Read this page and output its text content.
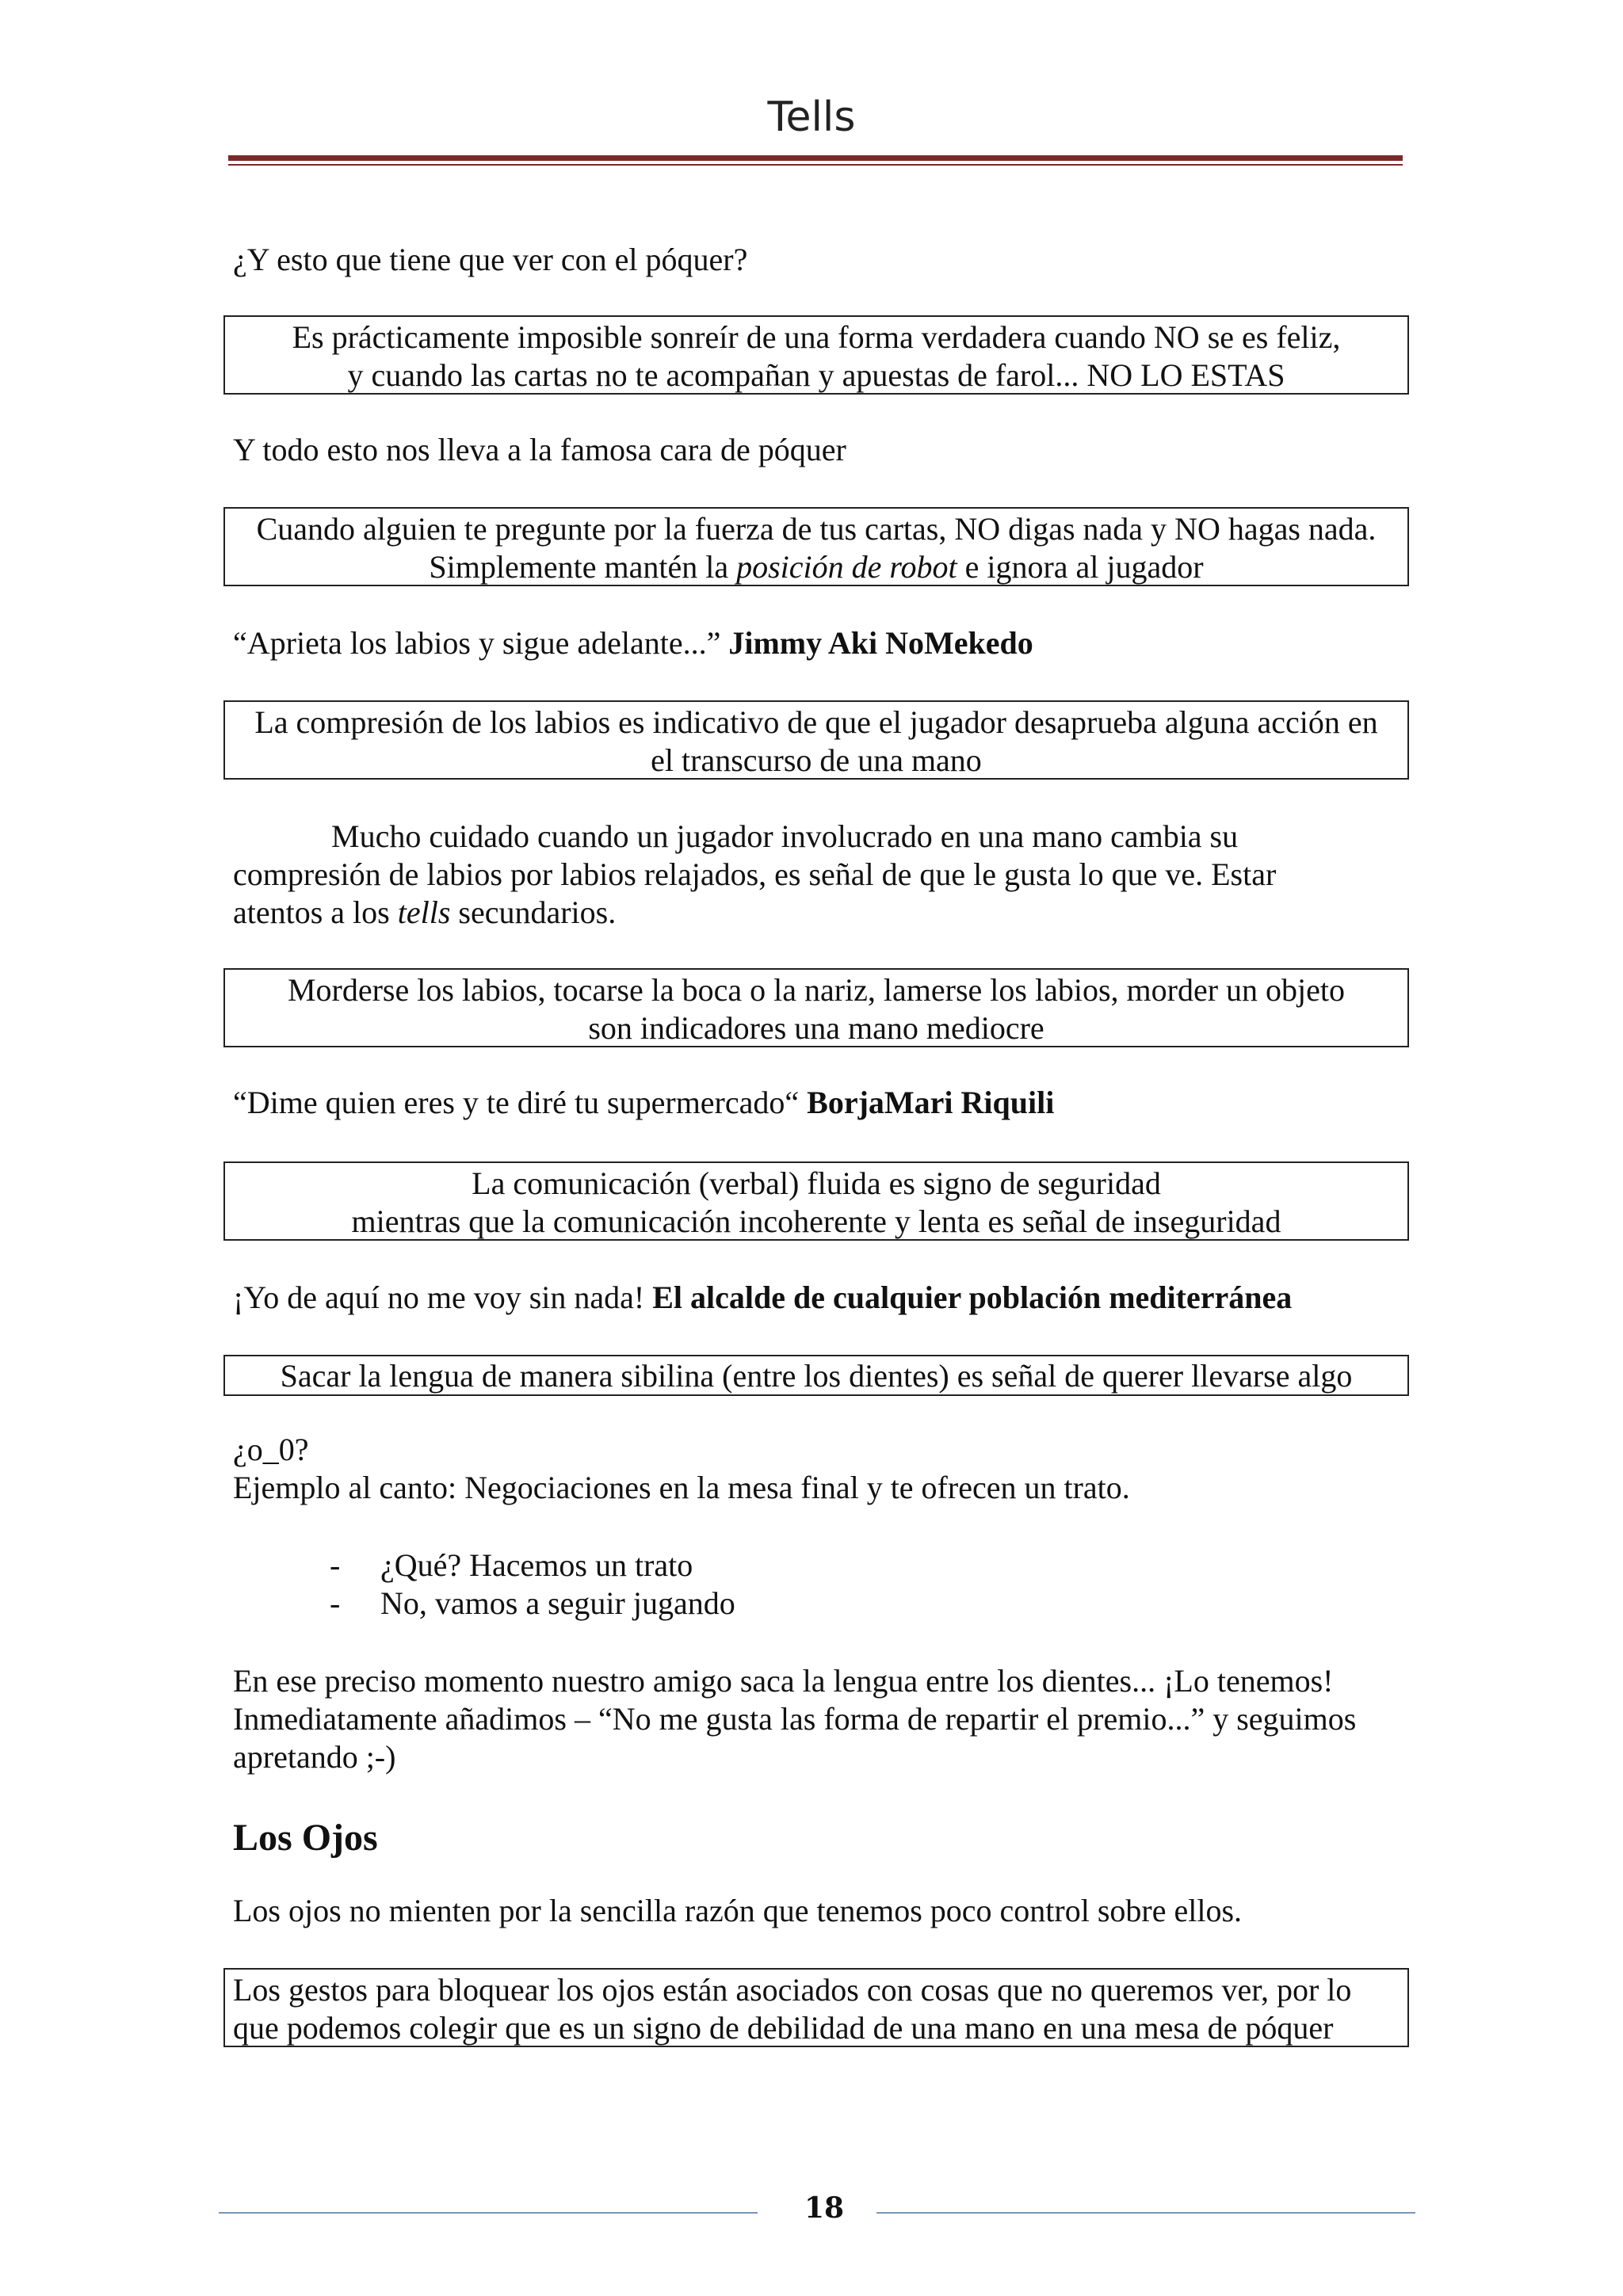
Tells
¿Y esto que tiene que ver con el póquer?
Es prácticamente imposible sonreír de una forma verdadera cuando NO se es feliz,
y cuando las cartas no te acompañan y apuestas de farol... NO LO ESTAS
Y todo esto nos lleva a la famosa cara de póquer
Cuando alguien te pregunte por la fuerza de tus cartas, NO digas nada y NO hagas nada.
Simplemente mantén la posición de robot e ignora al jugador
“Aprieta los labios y sigue adelante...” Jimmy Aki NoMekedo
La compresión de los labios es indicativo de que el jugador desaprueba alguna acción en
el transcurso de una mano
Mucho cuidado cuando un jugador involucrado en una mano cambia su
compresión de labios por labios relajados, es señal de que le gusta lo que ve. Estar
atentos a los tells secundarios.
Morderse los labios, tocarse la boca o la nariz, lamerse los labios, morder un objeto
son indicadores una mano mediocre
“Dime quien eres y te diré tu supermercado“ BorjaMari Riquili
La comunicación (verbal) fluida es signo de seguridad
mientras que la comunicación incoherente y lenta es señal de inseguridad
¡Yo de aquí no me voy sin nada! El alcalde de cualquier población mediterránea
Sacar la lengua de manera sibilina (entre los dientes) es señal de querer llevarse algo
¿o_0?
Ejemplo al canto: Negociaciones en la mesa final y te ofrecen un trato.
-	¿Qué? Hacemos un trato
-	No, vamos a seguir jugando
En ese preciso momento nuestro amigo saca la lengua entre los dientes... ¡Lo tenemos!
Inmediatamente añadimos – “No me gusta las forma de repartir el premio...” y seguimos
apretando ;-)
Los Ojos
Los ojos no mienten por la sencilla razón que tenemos poco control sobre ellos.
Los gestos para bloquear los ojos están asociados con cosas que no queremos ver, por lo
que podemos colegir que es un signo de debilidad de una mano en una mesa de póquer
18
